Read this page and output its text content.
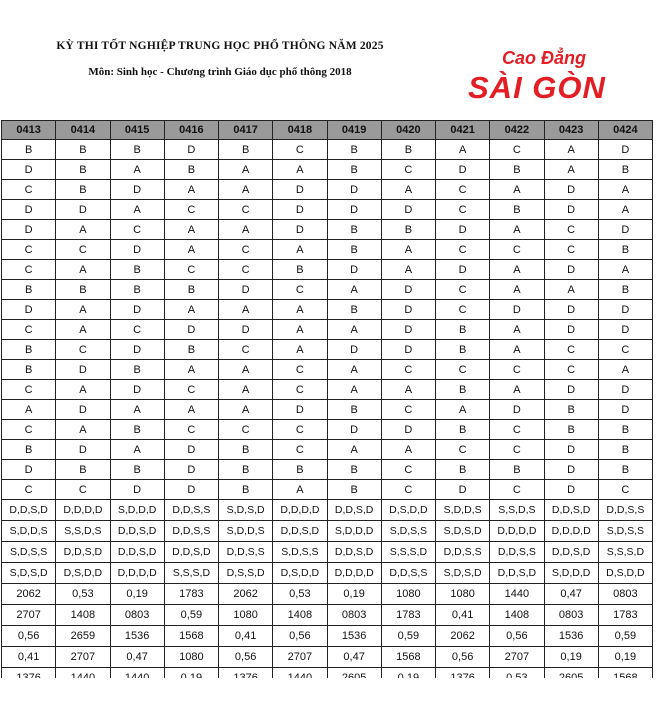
KỲ THI TỐT NGHIỆP TRUNG HỌC PHỔ THÔNG NĂM 2025
Môn: Sinh học - Chương trình Giáo dục phổ thông 2018
Cao Đẳng
SÀI GÒN
0413	0414	0415	0416	0417	0418	0419	0420	0421	0422	0423	0424
B	B	B	D	B	C	B	B	A	C	A	D
D	B	A	B	A	A	B	C	D	B	A	B
C	B	D	A	A	D	D	A	C	A	D	A
D	D	A	C	C	D	D	D	C	B	D	A
D	A	C	A	A	D	B	B	D	A	C	D
C	C	D	A	C	A	B	A	C	C	C	B
C	A	B	C	C	B	D	A	D	A	D	A
B	B	B	B	D	C	A	D	C	A	A	B
D	A	D	A	A	A	B	D	C	D	D	D
C	A	C	D	D	A	A	D	B	A	D	D
B	C	D	B	C	A	D	D	B	A	C	C
B	D	B	A	A	C	A	C	C	C	C	A
C	A	D	C	A	C	A	A	B	A	D	D
A	D	A	A	A	D	B	C	A	D	B	D
C	A	B	C	C	C	D	D	B	C	B	B
B	D	A	D	B	C	A	A	C	C	D	B
D	B	B	D	B	B	B	C	B	B	D	B
C	C	D	D	B	A	B	C	D	C	D	C
D,D,S,D	D,D,D,D	S,D,D,D	D,D,S,S	S,D,S,D	D,D,D,D	D,D,S,D	D,S,D,D	S,D,D,S	S,S,D,S	D,D,S,D	D,D,S,S
S,D,D,S	S,S,D,S	D,D,S,D	D,D,S,S	S,D,D,S	D,D,S,D	S,D,D,D	S,D,S,S	S,D,S,D	D,D,D,D	D,D,D,D	S,D,S,S
S,D,S,S	D,D,S,D	D,D,S,D	D,D,S,D	D,D,S,S	S,D,S,S	D,D,S,D	S,S,S,D	D,D,S,S	D,D,S,S	D,D,S,D	S,S,S,D
S,D,S,D	D,S,D,D	D,D,D,D	S,S,S,D	D,S,S,D	D,S,D,D	D,D,D,D	D,D,S,S	S,D,S,D	D,D,S,D	S,D,D,D	D,S,D,D
2062	0,53	0,19	1783	2062	0,53	0,19	1080	1080	1440	0,47	0803
2707	1408	0803	0,59	1080	1408	0803	1783	0,41	1408	0803	1783
0,56	2659	1536	1568	0,41	0,56	1536	0,59	2062	0,56	1536	0,59
0,41	2707	0,47	1080	0,56	2707	0,47	1568	0,56	2707	0,19	0,19
